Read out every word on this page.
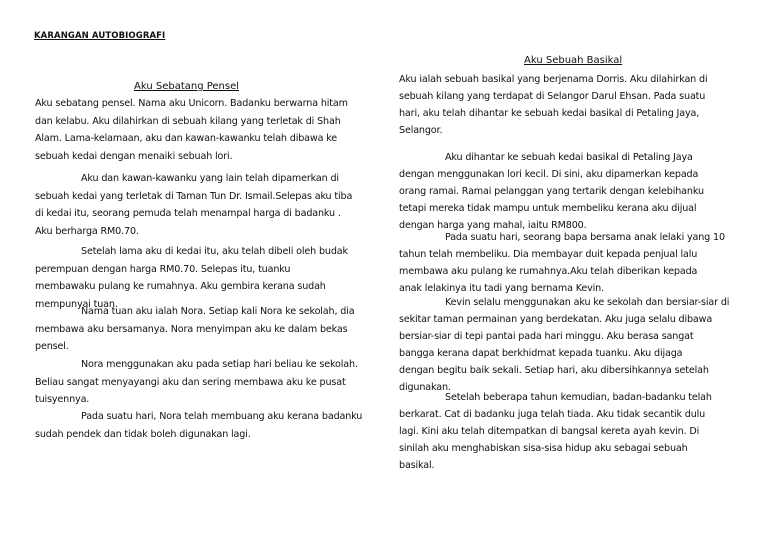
KARANGAN AUTOBIOGRAFI
Aku Sebatang Pensel
Aku sebatang pensel. Nama aku Unicorn. Badanku berwarna hitam
dan kelabu. Aku dilahirkan di sebuah kilang yang terletak di Shah
Alam. Lama-kelamaan, aku dan kawan-kawanku telah dibawa ke
sebuah kedai dengan menaiki sebuah lori.
Aku dan kawan-kawanku yang lain telah dipamerkan di
sebuah kedai yang terletak di Taman Tun Dr. Ismail.Selepas aku tiba
di kedai itu, seorang pemuda telah menampal harga di badanku .
Aku berharga RM0.70.
Setelah lama aku di kedai itu, aku telah dibeli oleh budak
perempuan dengan harga RM0.70. Selepas itu, tuanku
membawaku pulang ke rumahnya. Aku gembira kerana sudah
mempunyai tuan.
Nama tuan aku ialah Nora. Setiap kali Nora ke sekolah, dia
membawa aku bersamanya. Nora menyimpan aku ke dalam bekas
pensel.
Nora menggunakan aku pada setiap hari beliau ke sekolah.
Beliau sangat menyayangi aku dan sering membawa aku ke pusat
tuisyennya.
Pada suatu hari, Nora telah membuang aku kerana badanku
sudah pendek dan tidak boleh digunakan lagi.
Aku Sebuah Basikal
Aku ialah sebuah basikal yang berjenama Dorris. Aku dilahirkan di
sebuah kilang yang terdapat di Selangor Darul Ehsan. Pada suatu
hari, aku telah dihantar ke sebuah kedai basikal di Petaling Jaya,
Selangor.
Aku dihantar ke sebuah kedai basikal di Petaling Jaya
dengan menggunakan lori kecil. Di sini, aku dipamerkan kepada
orang ramai. Ramai pelanggan yang tertarik dengan kelebihanku
tetapi mereka tidak mampu untuk membeliku kerana aku dijual
dengan harga yang mahal, iaitu RM800.
Pada suatu hari, seorang bapa bersama anak lelaki yang 10
tahun telah membeliku. Dia membayar duit kepada penjual lalu
membawa aku pulang ke rumahnya.Aku telah diberikan kepada
anak lelakinya itu tadi yang bernama Kevin.
Kevin selalu menggunakan aku ke sekolah dan bersiar-siar di
sekitar taman permainan yang berdekatan. Aku juga selalu dibawa
bersiar-siar di tepi pantai pada hari minggu. Aku berasa sangat
bangga kerana dapat berkhidmat kepada tuanku. Aku dijaga
dengan begitu baik sekali. Setiap hari, aku dibersihkannya setelah
digunakan.
Setelah beberapa tahun kemudian, badan-badanku telah
berkarat. Cat di badanku juga telah tiada. Aku tidak secantik dulu
lagi. Kini aku telah ditempatkan di bangsal kereta ayah kevin. Di
sinilah aku menghabiskan sisa-sisa hidup aku sebagai sebuah
basikal.
